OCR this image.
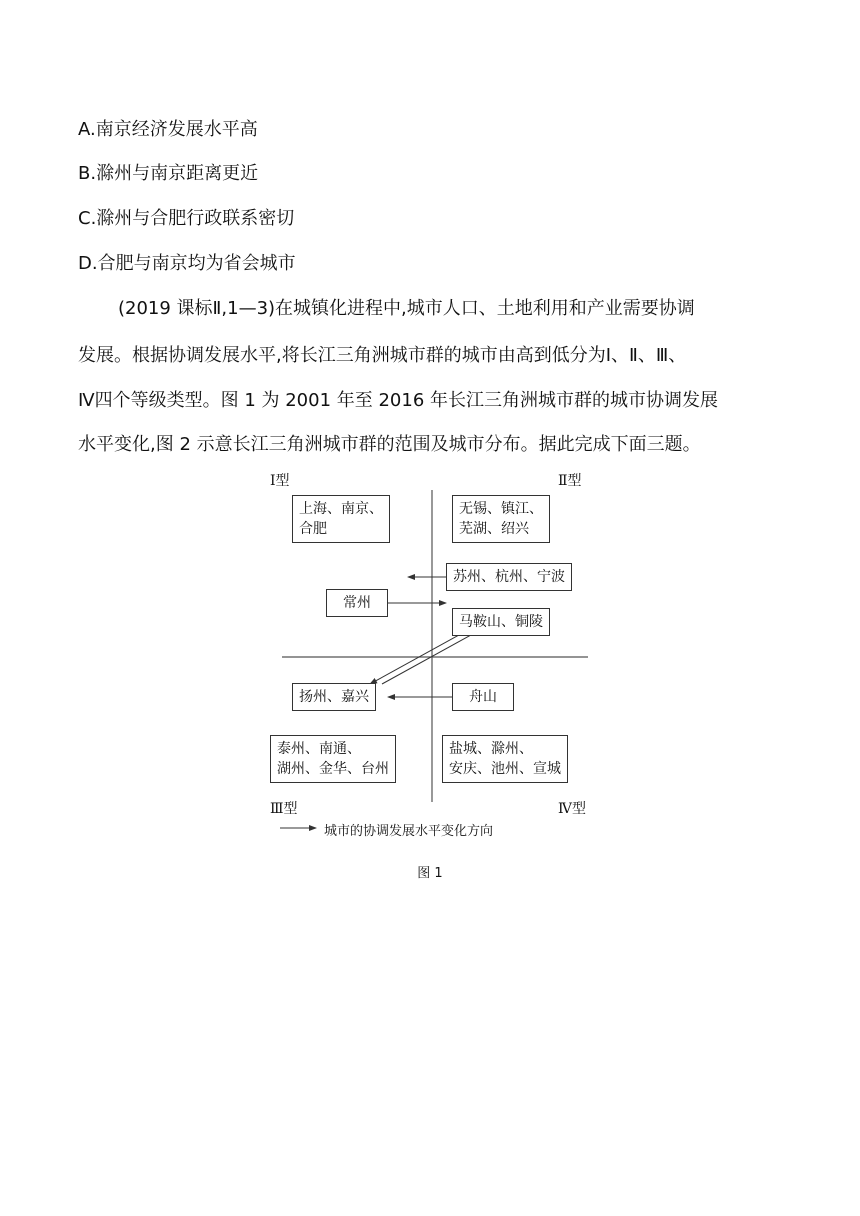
A.南京经济发展水平高
B.滁州与南京距离更近
C.滁州与合肥行政联系密切
D.合肥与南京均为省会城市
(2019 课标Ⅱ,1—3)在城镇化进程中,城市人口、土地利用和产业需要协调
发展。根据协调发展水平,将长江三角洲城市群的城市由高到低分为Ⅰ、Ⅱ、Ⅲ、
Ⅳ四个等级类型。图 1 为 2001 年至 2016 年长江三角洲城市群的城市协调发展
水平变化,图 2 示意长江三角洲城市群的范围及城市分布。据此完成下面三题。
Ⅰ型	Ⅱ型
Ⅲ型	Ⅳ型
上海、南京、
合肥
无锡、镇江、
芜湖、绍兴
苏州、杭州、宁波
常州
马鞍山、铜陵
扬州、嘉兴	舟山
泰州、南通、
湖州、金华、台州
盐城、滁州、
安庆、池州、宣城
城市的协调发展水平变化方向
图 1
